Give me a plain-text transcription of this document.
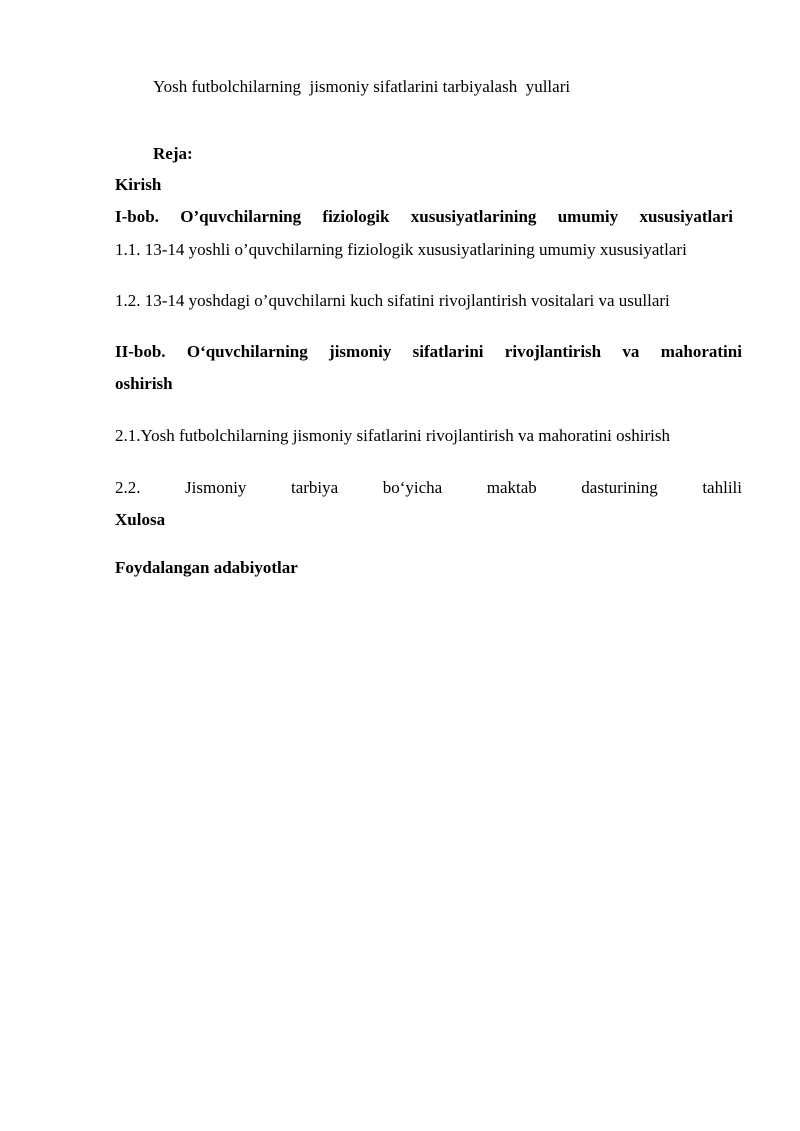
Yosh futbolchilarning  jismoniy sifatlarini tarbiyalash  yullari
Reja:
Kirish
I-bob. O’quvchilarning fiziologik xususiyatlarining umumiy xususiyatlari
1.1. 13-14 yoshli o’quvchilarning fiziologik xususiyatlarining umumiy xususiyatlari
1.2. 13-14 yoshdagi o’quvchilarni kuch sifatini rivojlantirish vositalari va usullari
II-bob. O‘quvchilarning jismoniy sifatlarini rivojlantirish va mahoratini
oshirish
2.1.Yosh futbolchilarning jismoniy sifatlarini rivojlantirish va mahoratini oshirish
2.2.	Jismoniy	tarbiya	bo‘yicha	maktab	dasturining	tahlili
Xulosa
Foydalangan adabiyotlar
